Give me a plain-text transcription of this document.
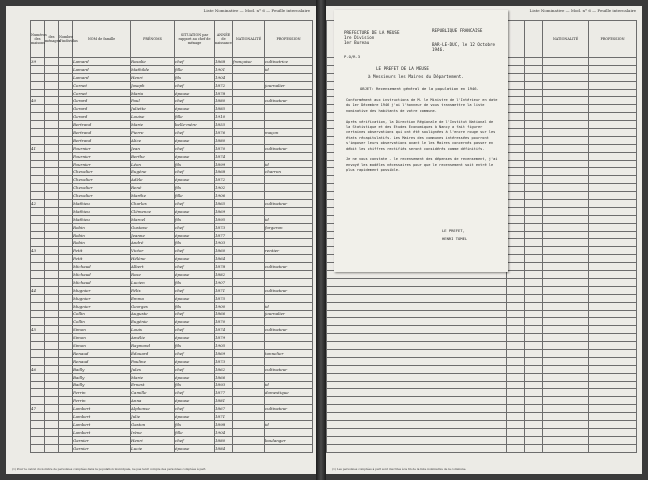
Liste Nominative — Mod. n° 6 — Feuille intercalaire
Numéros des maisons	des ménages	Nombre d'individus	NOM de famille	PRÉNOMS	SITUATION par rapport au chef de ménage	ANNÉE de naissance	NATIONALITÉ	PROFESSION
39			Lamard	Rosalie	chef	1868	française	cultivatrice
			Lamard	Mathilde	fille	1901		id
			Lamard	Henri	fils	1904		
			Cornet	Joseph	chef	1872		journalier
			Cornet	Maria	épouse	1878		
40			Gerard	Paul	chef	1880		cultivateur
			Gerard	Juliette	épouse	1885		
			Gerard	Louise	fille	1910		
			Bertrand	Marie	belle-mère	1855		
			Bertrand	Pierre	chef	1876		maçon
			Bertrand	Alice	épouse	1880		
41			Fournier	Jean	chef	1870		cultivateur
			Fournier	Berthe	épouse	1874		
			Fournier	Léon	fils	1899		id
			Chevalier	Eugène	chef	1868		charron
			Chevalier	Adèle	épouse	1872		
			Chevalier	René	fils	1902		
			Chevalier	Marthe	fille	1906		
42			Mathieu	Charles	chef	1865		cultivateur
			Mathieu	Clémence	épouse	1869		
			Mathieu	Marcel	fils	1895		id
			Robin	Gustave	chef	1873		forgeron
			Robin	Jeanne	épouse	1877		
			Robin	André	fils	1903		
43			Petit	Victor	chef	1860		rentier
			Petit	Hélène	épouse	1864		
			Michaud	Albert	chef	1878		cultivateur
			Michaud	Rose	épouse	1882		
			Michaud	Lucien	fils	1907		
44			Mugnier	Félix	chef	1871		cultivateur
			Mugnier	Emma	épouse	1875		
			Mugnier	Georges	fils	1900		id
			Collin	Auguste	chef	1866		journalier
			Collin	Eugénie	épouse	1870		
45			Simon	Louis	chef	1874		cultivateur
			Simon	Amélie	épouse	1879		
			Simon	Raymond	fils	1905		
			Renaud	Édouard	chef	1869		tonnelier
			Renaud	Pauline	épouse	1873		
46			Bailly	Jules	chef	1862		cultivateur
			Bailly	Marie	épouse	1866		
			Bailly	Ernest	fils	1893		id
			Perrin	Camille	chef	1877		domestique
			Perrin	Anna	épouse	1881		
47			Lambert	Alphonse	chef	1867		cultivateur
			Lambert	Julie	épouse	1871		
			Lambert	Gaston	fils	1898		id
			Lambert	Irène	fille	1904		
			Garnier	Henri	chef	1880		boulanger
			Garnier	Lucie	épouse	1884		
(1) Pour le calcul du nombre de personnes comptées dans la population municipale, ne pas tenir compte des personnes comptées à part.
Liste Nominative — Mod. n° 6 — Feuille intercalaire
			NATIONALITÉ	PROFESSION

(1) Les personnes comptées à part sont inscrites à la fin de la liste nominative de la commune.
PREFECTURE DE LA MEUSE
1re Division
1er Bureau
REPUBLIQUE FRANCAISE
BAR-LE-DUC, le 12 Octobre 1946.
P.O/R.3
LE PREFET DE LA MEUSE
à Messieurs les Maires du Département.
OBJET: Recensement général de la population en 1946.
Conformément aux instructions de M. le Ministre de l'Intérieur en date du 1er Décembre 1946 j'ai l'honneur de vous transmettre la liste nominative des habitants de votre commune.

Après vérification, la Direction Régionale de l'Institut National de la Statistique et des Etudes Economiques à Nancy a fait figurer certaines observations qui ont été soulignées à l'encre rouge sur les états récapitulatifs. Les Maires des communes intéressées pourront s'imposer leurs observations avant le les Maires concernés passer en débit les chiffres rectifiés seront considérés comme définitifs.

Je ne vous constate - le recensement des dépenses de recensement, j'ai envoyé les modèles nécessaires pour que le recensement soit entré le plus rapidement possible.
LE PREFET,
HENRI TOMEL
